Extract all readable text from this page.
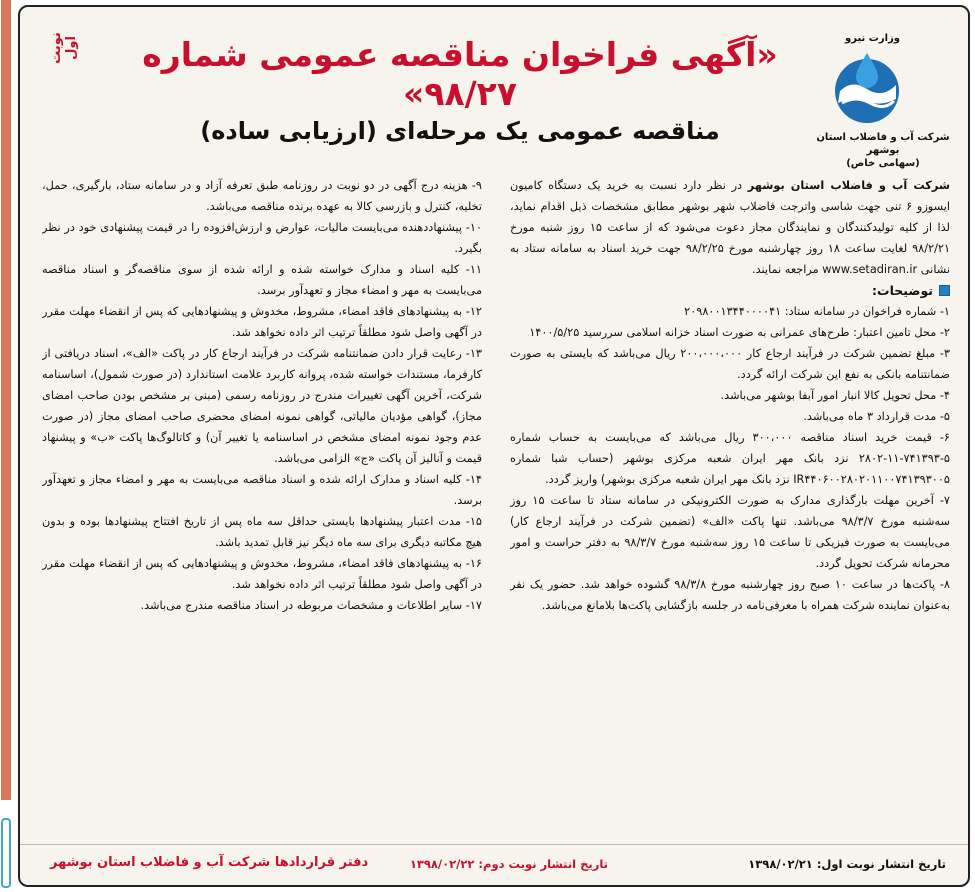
وزارت نیرو
شرکت آب و فاضلاب استان بوشهر
(سهامی خاص)
نوبت اول	«آگهی فراخوان مناقصه عمومی شماره ۹۸/۲۷»
مناقصه عمومی یک مرحله‌ای (ارزیابی ساده)

شرکت آب و فاضلاب استان بوشهر در نظر دارد نسبت به خرید یک دستگاه کامیون ایسوزو ۶ تنی جهت شاسی واترجت فاضلاب شهر بوشهر مطابق مشخصات ذیل اقدام نماید، لذا از کلیه تولیدکنندگان و نمایندگان مجاز دعوت می‌شود که از ساعت ۱۵ روز شنبه مورخ ۹۸/۲/۲۱ لغایت ساعت ۱۸ روز چهارشنبه مورخ ۹۸/۲/۲۵ جهت خرید اسناد به سامانه ستاد به نشانی www.setadiran.ir مراجعه نمایند.

توضیحات:

۱- شماره فراخوان در سامانه ستاد: ۲۰۹۸۰۰۱۳۴۴۰۰۰۰۴۱

۲- محل تامین اعتبار: طرح‌های عمرانی به صورت اسناد خزانه اسلامی سررسید ۱۴۰۰/۵/۲۵

۳- مبلغ تضمین شرکت در فرآیند ارجاع کار ۲۰۰،۰۰۰،۰۰۰ ریال می‌باشد که بایستی به صورت ضمانتنامه بانکی به نفع این شرکت ارائه گردد.

۴- محل تحویل کالا انبار امور آبفا بوشهر می‌باشد.

۵- مدت قرارداد ۳ ماه می‌باشد.

۶- قیمت خرید اسناد مناقصه ۳۰۰،۰۰۰ ریال می‌باشد که می‌بایست به حساب شماره ۵-۷۴۱۳۹۳-۱۱-۲۸۰۲ نزد بانک مهر ایران شعبه مرکزی بوشهر (حساب شبا شماره IR۴۴۰۶۰۰۲۸۰۲۰۱۱۰۰۷۴۱۳۹۳۰۰۵ نزد بانک مهر ایران شعبه مرکزی بوشهر) واریز گردد.

۷- آخرین مهلت بارگذاری مدارک به صورت الکترونیکی در سامانه ستاد تا ساعت ۱۵ روز سه‌شنبه مورخ ۹۸/۳/۷ می‌باشد. تنها پاکت «الف» (تضمین شرکت در فرآیند ارجاع کار) می‌بایست به صورت فیزیکی تا ساعت ۱۵ روز سه‌شنبه مورخ ۹۸/۳/۷ به دفتر حراست و امور محرمانه شرکت تحویل گردد.

۸- پاکت‌ها در ساعت ۱۰ صبح روز چهارشنبه مورخ ۹۸/۳/۸ گشوده خواهد شد. حضور یک نفر به‌عنوان نماینده شرکت همراه با معرفی‌نامه در جلسه بازگشایی پاکت‌ها بلامانع می‌باشد.

۹- هزینه درج آگهی در دو نوبت در روزنامه طبق تعرفه آزاد و در سامانه ستاد، بارگیری، حمل، تخلیه، کنترل و بازرسی کالا به عهده برنده مناقصه می‌باشد.

۱۰- پیشنهاددهنده می‌بایست مالیات، عوارض و ارزش‌افزوده را در قیمت پیشنهادی خود در نظر بگیرد.

۱۱- کلیه اسناد و مدارک خواسته شده و ارائه شده از سوی مناقصه‌گر و اسناد مناقصه می‌بایست به مهر و امضاء مجاز و تعهدآور برسد.

۱۲- به پیشنهادهای فاقد امضاء، مشروط، مخدوش و پیشنهادهایی که پس از انقضاء مهلت مقرر در آگهی واصل شود مطلقاً ترتیب اثر داده نخواهد شد.

۱۳- رعایت قرار دادن ضمانتنامه شرکت در فرآیند ارجاع کار در پاکت «الف»، اسناد دریافتی از کارفرما، مستندات خواسته شده، پروانه کاربرد علامت استاندارد (در صورت شمول)، اساسنامه شرکت، آخرین آگهی تغییرات مندرج در روزنامه رسمی (مبنی بر مشخص بودن صاحب امضای مجاز)، گواهی مؤدیان مالیاتی، گواهی نمونه امضای محضری صاحب امضای مجاز (در صورت عدم وجود نمونه امضای مشخص در اساسنامه یا تغییر آن) و کاتالوگ‌ها پاکت «ب» و پیشنهاد قیمت و آنالیز آن پاکت «ج» الزامی می‌باشد.

۱۴- کلیه اسناد و مدارک ارائه شده و اسناد مناقصه می‌بایست به مهر و امضاء مجاز و تعهدآور برسد.

۱۵- مدت اعتبار پیشنهادها بایستی حداقل سه ماه پس از تاریخ افتتاح پیشنهادها بوده و بدون هیچ مکاتبه دیگری برای سه ماه دیگر نیز قابل تمدید باشد.

۱۶- به پیشنهادهای فاقد امضاء، مشروط، مخدوش و پیشنهادهایی که پس از انقضاء مهلت مقرر در آگهی واصل شود مطلقاً ترتیب اثر داده نخواهد شد.

۱۷- سایر اطلاعات و مشخصات مربوطه در اسناد مناقصه مندرج می‌باشد.

تاریخ انتشار نوبت اول: ۱۳۹۸/۰۲/۲۱
تاریخ انتشار نوبت دوم: ۱۳۹۸/۰۲/۲۲
دفتر قراردادها شرکت آب و فاضلاب استان بوشهر
